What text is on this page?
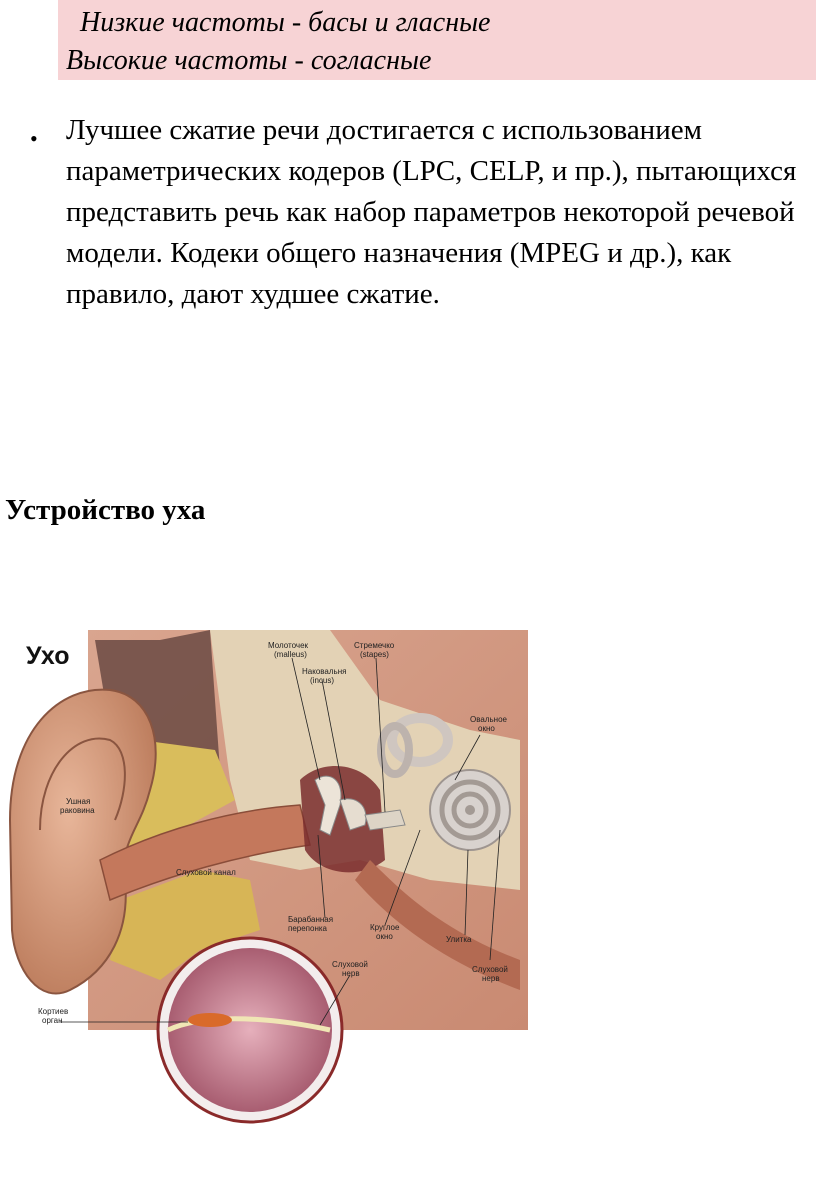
Низкие частоты - басы и гласные
Высокие частоты - согласные
• Лучшее сжатие речи достигается с использованием параметрических кодеров (LPC, CELP, и пр.), пытающихся представить речь как набор параметров некоторой речевой модели. Кодеки общего назначения (MPEG и др.), как правило, дают худшее сжатие.

Устройство уха
Ухо	Молоточек
(malleus)
Стремечко
(stapes)
Наковальня
(incus)
Овальное
окно
Ушная
раковина
Слуховой канал
Барабанная
перепонка	Круглое
окно	Улитка
Слуховой
нерв	Слуховой
нерв
Кортиев
орган
